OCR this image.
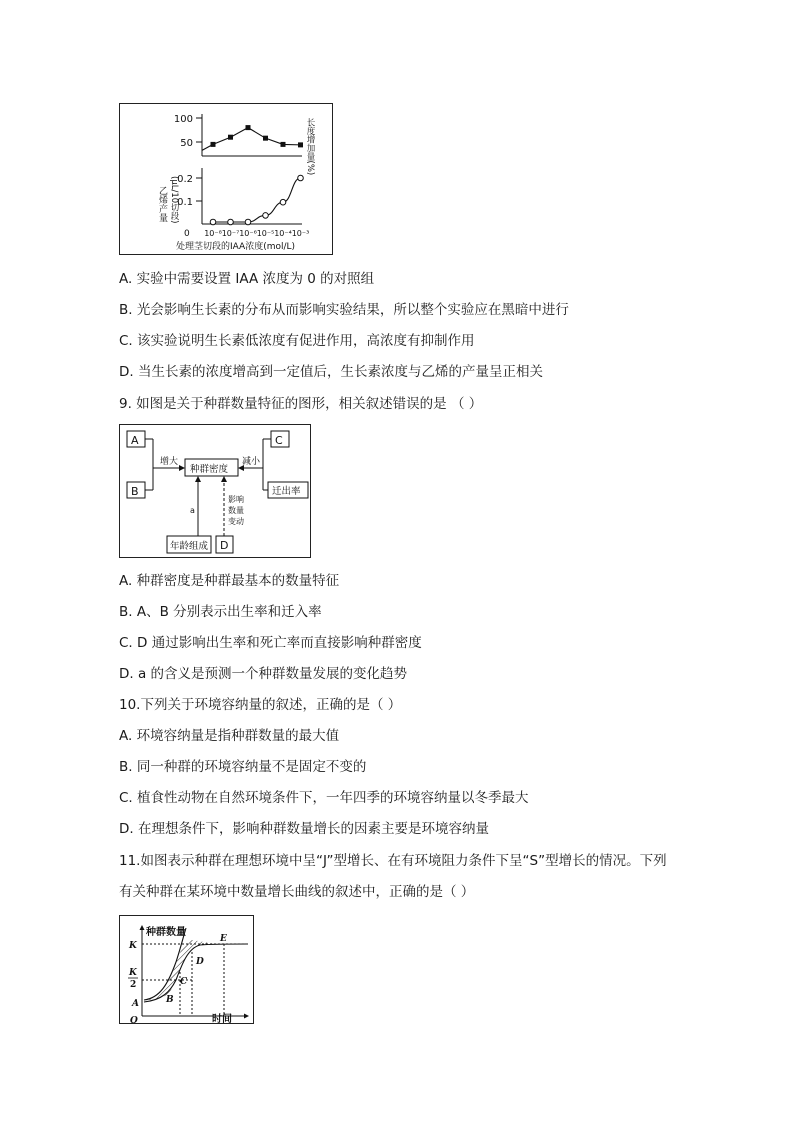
100
50	长度增加量(%)
0.2
0.1
乙烯产量 (μL/10切段)
0 10⁻⁸ 10⁻⁷ 10⁻⁶ 10⁻⁵ 10⁻⁴ 10⁻³
处理茎切段的IAA浓度(mol/L)
A. 实验中需要设置 IAA 浓度为 0 的对照组
B. 光会影响生长素的分布从而影响实验结果，所以整个实验应在黑暗中进行
C. 该实验说明生长素低浓度有促进作用，高浓度有抑制作用
D. 当生长素的浓度增高到一定值后，生长素浓度与乙烯的产量呈正相关
9. 如图是关于种群数量特征的图形，相关叙述错误的是 （ ）
A
B
C
种群密度
迁出率
年龄组成 D
增大	减小
a
影响
数量
变动
A. 种群密度是种群最基本的数量特征
B. A、B 分别表示出生率和迁入率
C. D 通过影响出生率和死亡率而直接影响种群密度
D. a 的含义是预测一个种群数量发展的变化趋势
10.下列关于环境容纳量的叙述，正确的是（ ）
A. 环境容纳量是指种群数量的最大值
B. 同一种群的环境容纳量不是固定不变的
C. 植食性动物在自然环境条件下，一年四季的环境容纳量以冬季最大
D. 在理想条件下，影响种群数量增长的因素主要是环境容纳量
11.如图表示种群在理想环境中呈“J”型增长、在有环境阻力条件下呈“S”型增长的情况。下列
有关种群在某环境中数量增长曲线的叙述中，正确的是（ ）
种群数量
时间
O
K
K
2
A	B
C
D
E
